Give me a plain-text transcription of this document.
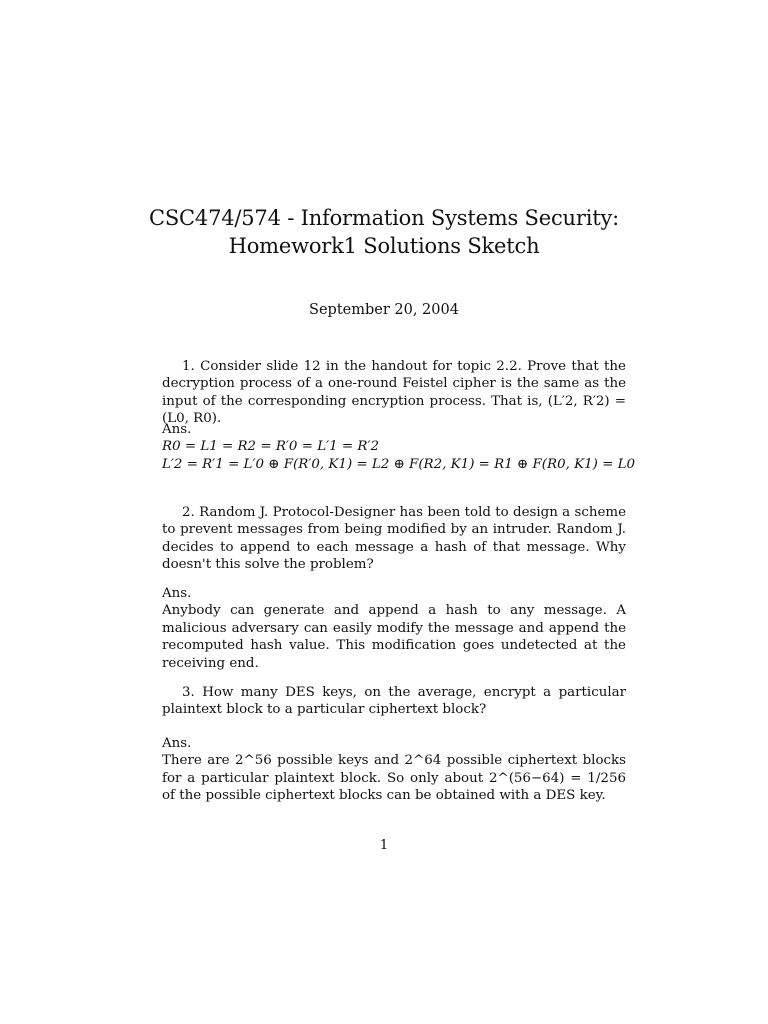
CSC474/574 - Information Systems Security:
Homework1 Solutions Sketch
September 20, 2004
1. Consider slide 12 in the handout for topic 2.2. Prove that the decryption process of a one-round Feistel cipher is the same as the input of the corresponding encryption process. That is, (L′2, R′2) = (L0, R0).
Ans.
R0 = L1 = R2 = R′0 = L′1 = R′2
L′2 = R′1 = L′0 ⊕ F(R′0, K1) = L2 ⊕ F(R2, K1) = R1 ⊕ F(R0, K1) = L0
2. Random J. Protocol-Designer has been told to design a scheme to prevent messages from being modified by an intruder. Random J. decides to append to each message a hash of that message. Why doesn't this solve the problem?
Ans.
Anybody can generate and append a hash to any message. A malicious adversary can easily modify the message and append the recomputed hash value. This modification goes undetected at the receiving end.
3. How many DES keys, on the average, encrypt a particular plaintext block to a particular ciphertext block?
Ans.
There are 2^56 possible keys and 2^64 possible ciphertext blocks for a particular plaintext block. So only about 2^(56−64) = 1/256 of the possible ciphertext blocks can be obtained with a DES key.
1
